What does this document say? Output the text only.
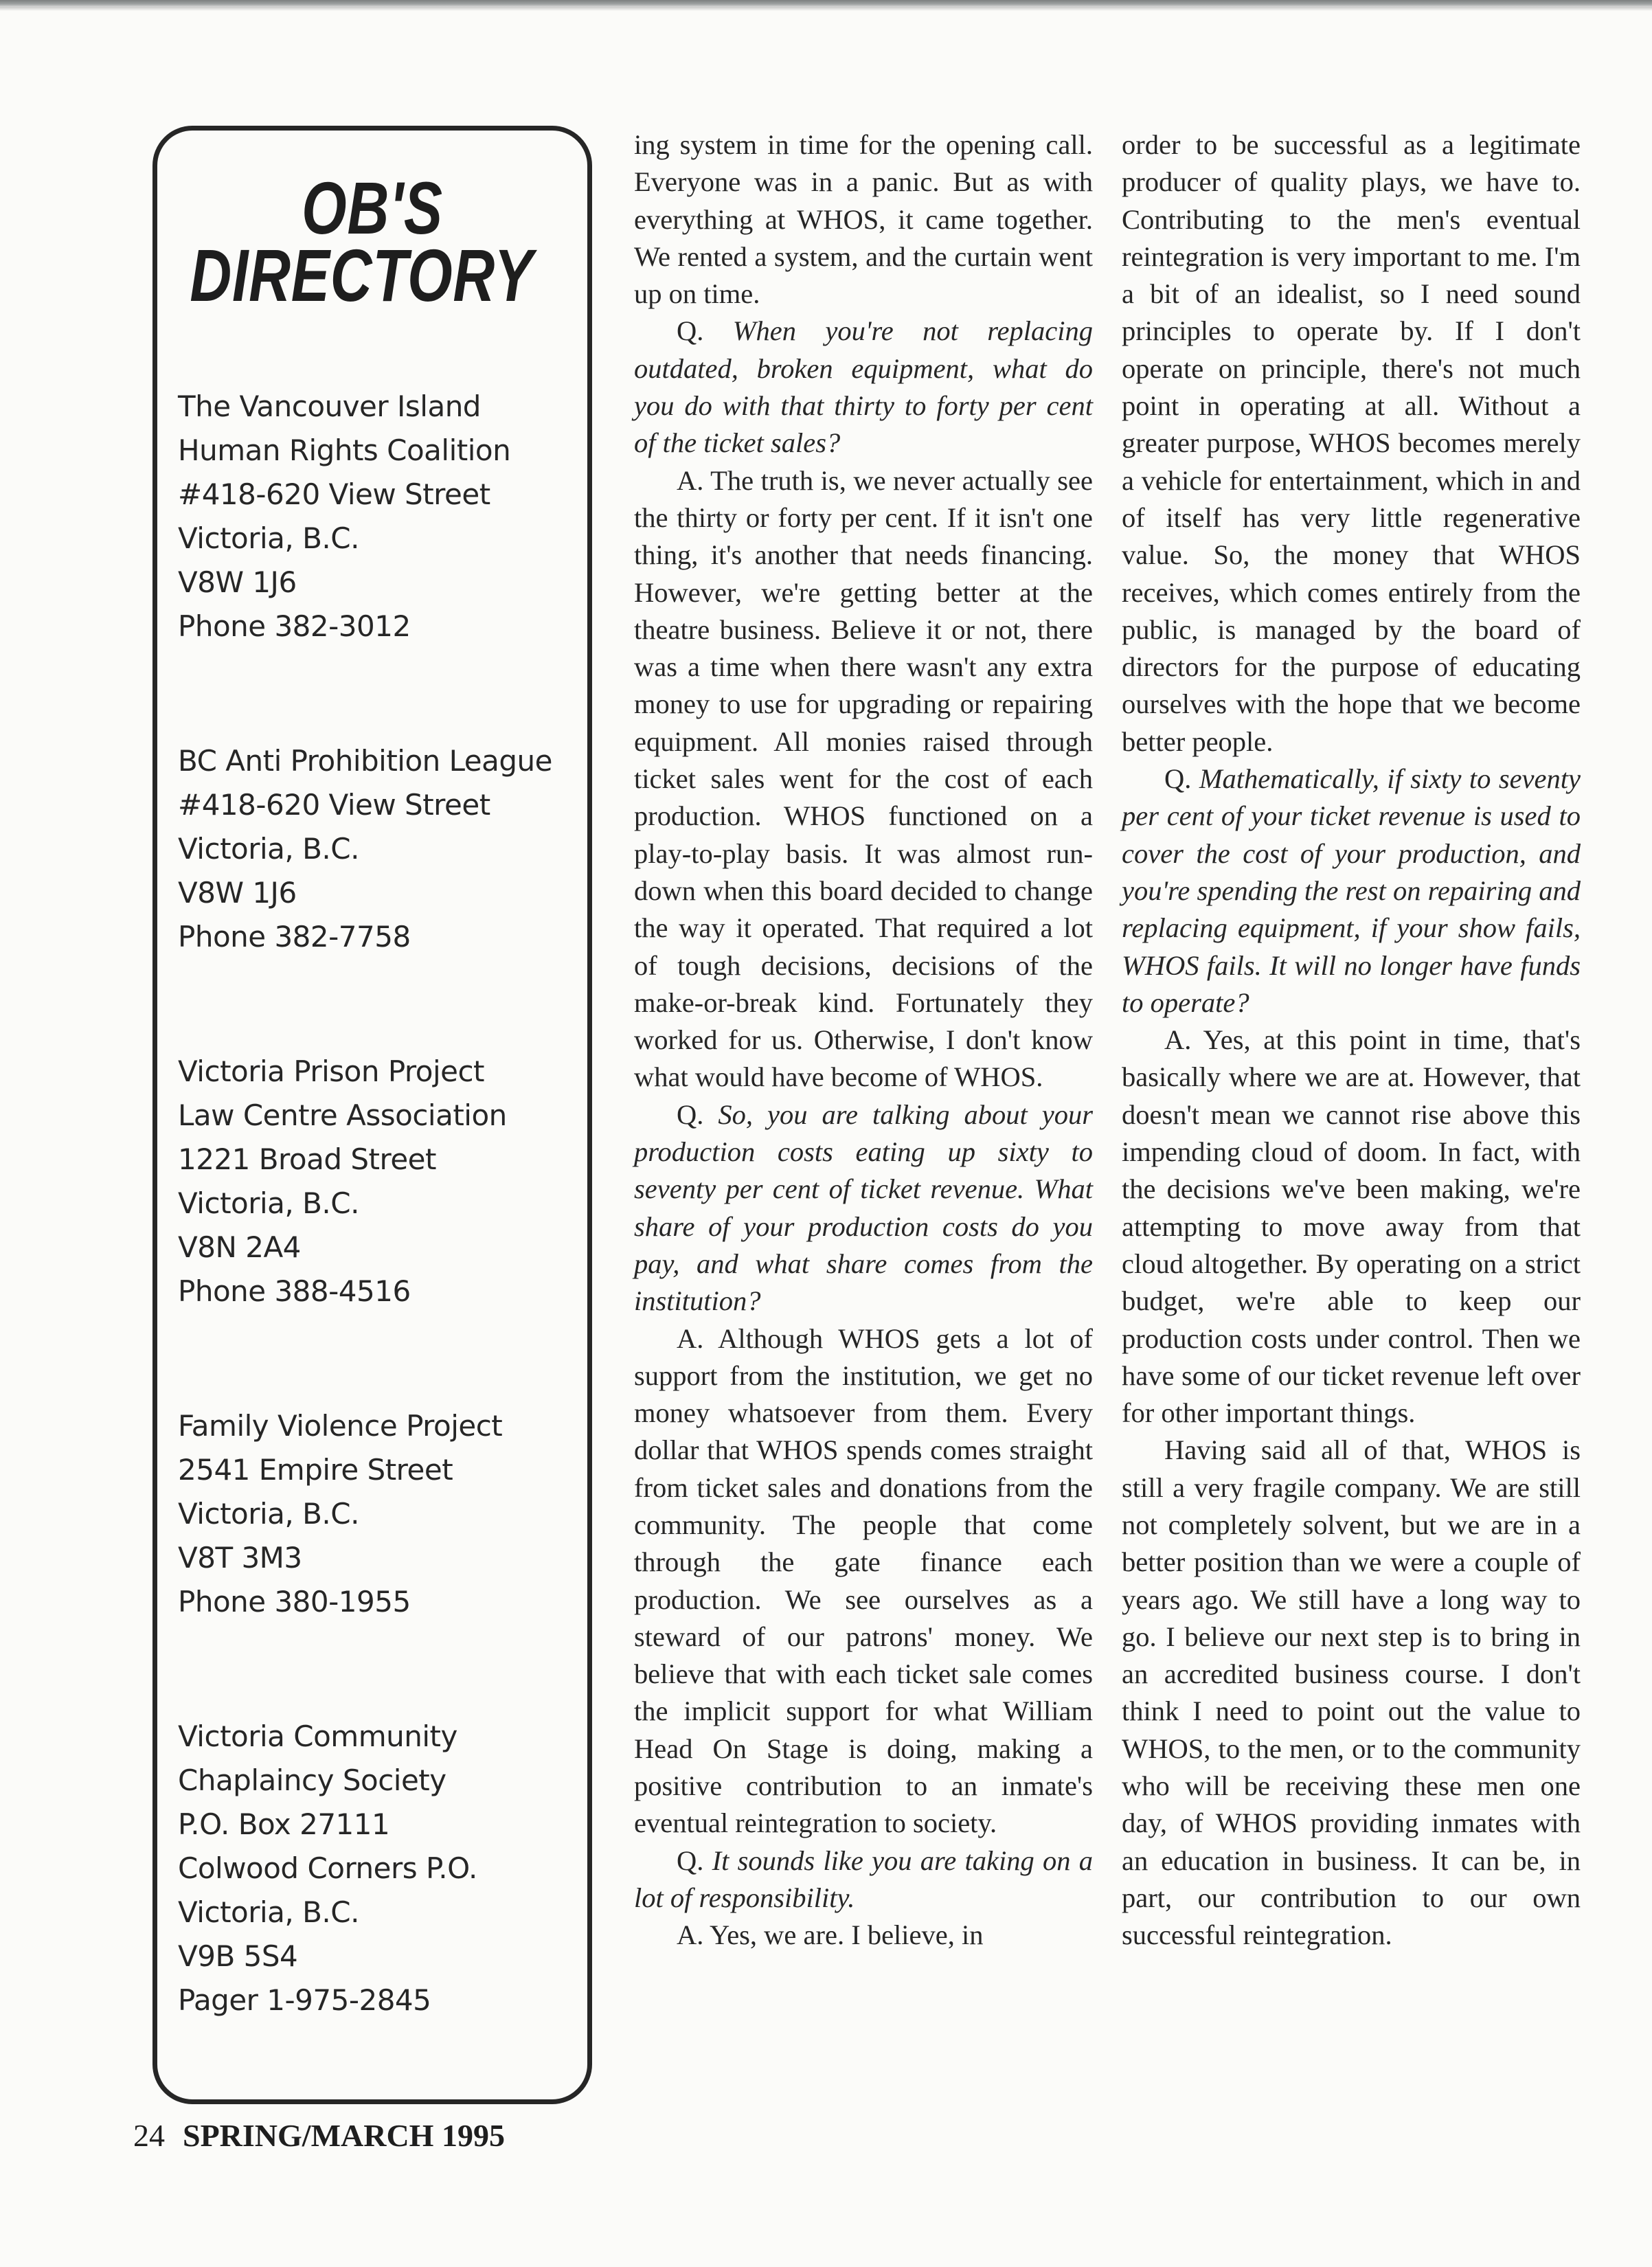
OB'S
DIRECTORY
The Vancouver Island
Human Rights Coalition
#418-620 View Street
Victoria, B.C.
V8W 1J6
Phone 382-3012
BC Anti Prohibition League
#418-620 View Street
Victoria, B.C.
V8W 1J6
Phone 382-7758
Victoria Prison Project
Law Centre Association
1221 Broad Street
Victoria, B.C.
V8N 2A4
Phone 388-4516
Family Violence Project
2541 Empire Street
Victoria, B.C.
V8T 3M3
Phone 380-1955
Victoria Community
Chaplaincy Society
P.O. Box 27111
Colwood Corners P.O.
Victoria, B.C.
V9B 5S4
Pager 1-975-2845
24 SPRING/MARCH 1995

ing system in time for the opening call. Everyone was in a panic. But as with everything at WHOS, it came together. We rented a system, and the curtain went up on time.

Q. When you're not replacing outdated, broken equipment, what do you do with that thirty to forty per cent of the ticket sales?

A. The truth is, we never actually see the thirty or forty per cent. If it isn't one thing, it's another that needs financing. However, we're getting better at the theatre business. Believe it or not, there was a time when there wasn't any extra money to use for upgrading or repairing equipment. All monies raised through ticket sales went for the cost of each production. WHOS functioned on a play-to-play basis. It was almost run-down when this board decided to change the way it operated. That required a lot of tough decisions, decisions of the make-or-break kind. Fortunately they worked for us. Otherwise, I don't know what would have become of WHOS.

Q. So, you are talking about your production costs eating up sixty to seventy per cent of ticket revenue. What share of your production costs do you pay, and what share comes from the institution?

A. Although WHOS gets a lot of support from the institution, we get no money whatsoever from them. Every dollar that WHOS spends comes straight from ticket sales and donations from the community. The people that come through the gate finance each production. We see ourselves as a steward of our patrons' money. We believe that with each ticket sale comes the implicit support for what William Head On Stage is doing, making a positive contribution to an inmate's eventual reintegration to society.

Q. It sounds like you are taking on a lot of responsibility.

A. Yes, we are. I believe, in

order to be successful as a legitimate producer of quality plays, we have to. Contributing to the men's eventual reintegration is very important to me. I'm a bit of an idealist, so I need sound principles to operate by. If I don't operate on principle, there's not much point in operating at all. Without a greater purpose, WHOS becomes merely a vehicle for entertainment, which in and of itself has very little regenerative value. So, the money that WHOS receives, which comes entirely from the public, is managed by the board of directors for the purpose of educating ourselves with the hope that we become better people.

Q. Mathematically, if sixty to seventy per cent of your ticket revenue is used to cover the cost of your production, and you're spending the rest on repairing and replacing equipment, if your show fails, WHOS fails. It will no longer have funds to operate?

A. Yes, at this point in time, that's basically where we are at. However, that doesn't mean we cannot rise above this impending cloud of doom. In fact, with the decisions we've been making, we're attempting to move away from that cloud altogether. By operating on a strict budget, we're able to keep our production costs under control. Then we have some of our ticket revenue left over for other important things.

Having said all of that, WHOS is still a very fragile company. We are still not completely solvent, but we are in a better position than we were a couple of years ago. We still have a long way to go. I believe our next step is to bring in an accredited business course. I don't think I need to point out the value to WHOS, to the men, or to the community who will be receiving these men one day, of WHOS providing inmates with an education in business. It can be, in part, our contribution to our own successful reintegration.
